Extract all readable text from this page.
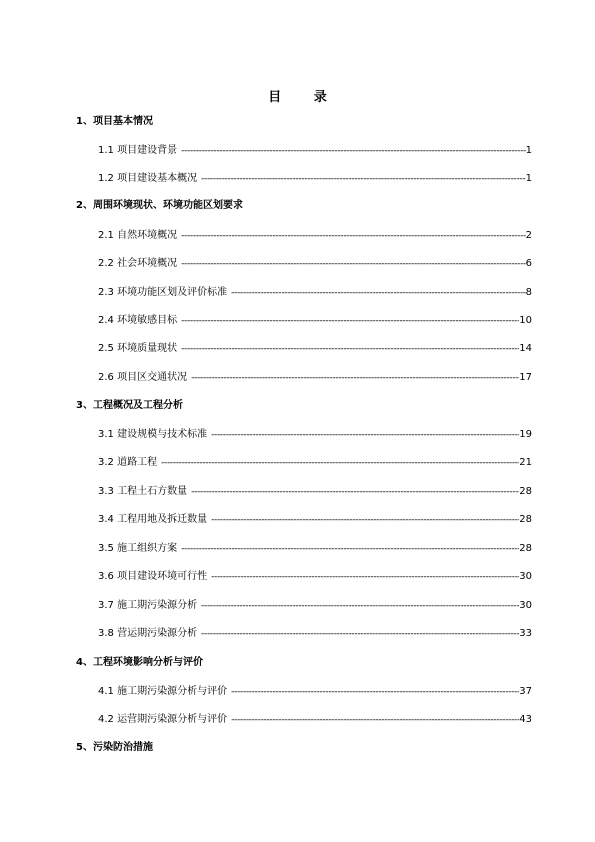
目 录
1、项目基本情况
1.1 项目建设背景 -----	1
1.2 项目建设基本概况 -----	1
2、周围环境现状、环境功能区划要求
2.1 自然环境概况 -----	2
2.2 社会环境概况 -----	6
2.3 环境功能区划及评价标准 -----	8
2.4 环境敏感目标 -----	10
2.5 环境质量现状 -----	14
2.6 项目区交通状况 -----	17
3、工程概况及工程分析
3.1 建设规模与技术标准 -----	19
3.2 道路工程 -----	21
3.3 工程土石方数量 -----	28
3.4 工程用地及拆迁数量 -----	28
3.5 施工组织方案 -----	28
3.6 项目建设环境可行性 -----	30
3.7 施工期污染源分析 -----	30
3.8 营运期污染源分析 -----	33
4、工程环境影响分析与评价
4.1 施工期污染源分析与评价 -----	37
4.2 运营期污染源分析与评价 -----	43
5、污染防治措施
